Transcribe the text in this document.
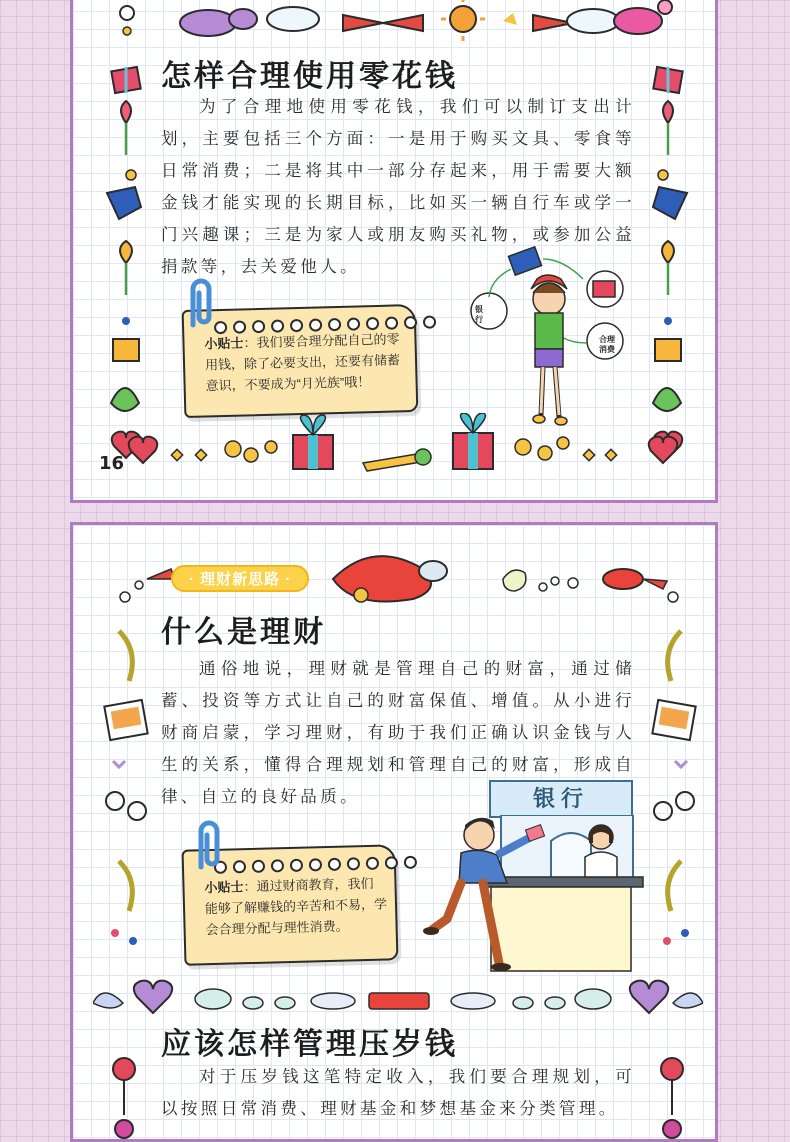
怎样合理使用零花钱
为了合理地使用零花钱，我们可以制订支出计划，主要包括三个方面：一是用于购买文具、零食等日常消费；二是将其中一部分存起来，用于需要大额金钱才能实现的长期目标，比如买一辆自行车或学一门兴趣课；三是为家人或朋友购买礼物，或参加公益捐款等，去关爱他人。
小贴士：我们要合理分配自己的零用钱，除了必要支出，还要有储蓄意识，不要成为“月光族”哦！
银行
合理
消费
16
· 理财新思路 ·
什么是理财
通俗地说，理财就是管理自己的财富，通过储蓄、投资等方式让自己的财富保值、增值。从小进行财商启蒙，学习理财，有助于我们正确认识金钱与人生的关系，懂得合理规划和管理自己的财富，形成自律、自立的良好品质。
小贴士：通过财商教育，我们能够了解赚钱的辛苦和不易，学会合理分配与理性消费。
银行
应该怎样管理压岁钱
对于压岁钱这笔特定收入，我们要合理规划，可以按照日常消费、理财基金和梦想基金来分类管理。
